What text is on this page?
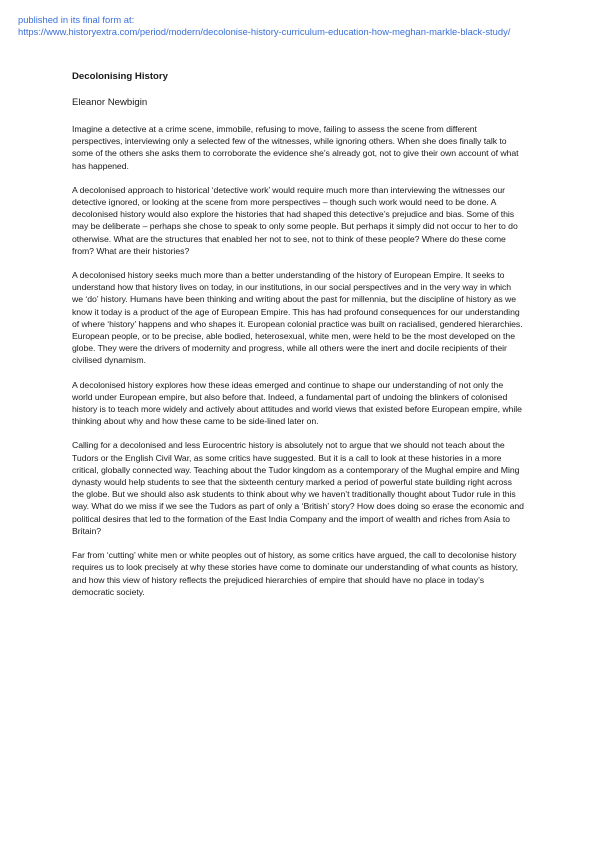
published in its final form at:
https://www.historyextra.com/period/modern/decolonise-history-curriculum-education-how-meghan-markle-black-study/
Decolonising History
Eleanor Newbigin

Imagine a detective at a crime scene, immobile, refusing to move, failing to assess the scene from different perspectives, interviewing only a selected few of the witnesses, while ignoring others. When she does finally talk to some of the others she asks them to corroborate the evidence she’s already got, not to give their own account of what has happened.

A decolonised approach to historical ‘detective work’ would require much more than interviewing the witnesses our detective ignored, or looking at the scene from more perspectives – though such work would need to be done. A decolonised history would also explore the histories that had shaped this detective’s prejudice and bias. Some of this may be deliberate – perhaps she chose to speak to only some people. But perhaps it simply did not occur to her to do otherwise. What are the structures that enabled her not to see, not to think of these people? Where do these come from? What are their histories?

A decolonised history seeks much more than a better understanding of the history of European Empire. It seeks to understand how that history lives on today, in our institutions, in our social perspectives and in the very way in which we ‘do’ history. Humans have been thinking and writing about the past for millennia, but the discipline of history as we know it today is a product of the age of European Empire. This has had profound consequences for our understanding of where ‘history’ happens and who shapes it. European colonial practice was built on racialised, gendered hierarchies. European people, or to be precise, able bodied, heterosexual, white men, were held to be the most developed on the globe. They were the drivers of modernity and progress, while all others were the inert and docile recipients of their civilised dynamism.

A decolonised history explores how these ideas emerged and continue to shape our understanding of not only the world under European empire, but also before that. Indeed, a fundamental part of undoing the blinkers of colonised history is to teach more widely and actively about attitudes and world views that existed before European empire, while thinking about why and how these came to be side-lined later on.

Calling for a decolonised and less Eurocentric history is absolutely not to argue that we should not teach about the Tudors or the English Civil War, as some critics have suggested. But it is a call to look at these histories in a more critical, globally connected way. Teaching about the Tudor kingdom as a contemporary of the Mughal empire and Ming dynasty would help students to see that the sixteenth century marked a period of powerful state building right across the globe. But we should also ask students to think about why we haven’t traditionally thought about Tudor rule in this way. What do we miss if we see the Tudors as part of only a ‘British’ story? How does doing so erase the economic and political desires that led to the formation of the East India Company and the import of wealth and riches from Asia to Britain?

Far from ‘cutting’ white men or white peoples out of history, as some critics have argued, the call to decolonise history requires us to look precisely at why these stories have come to dominate our understanding of what counts as history, and how this view of history reflects the prejudiced hierarchies of empire that should have no place in today’s democratic society.
